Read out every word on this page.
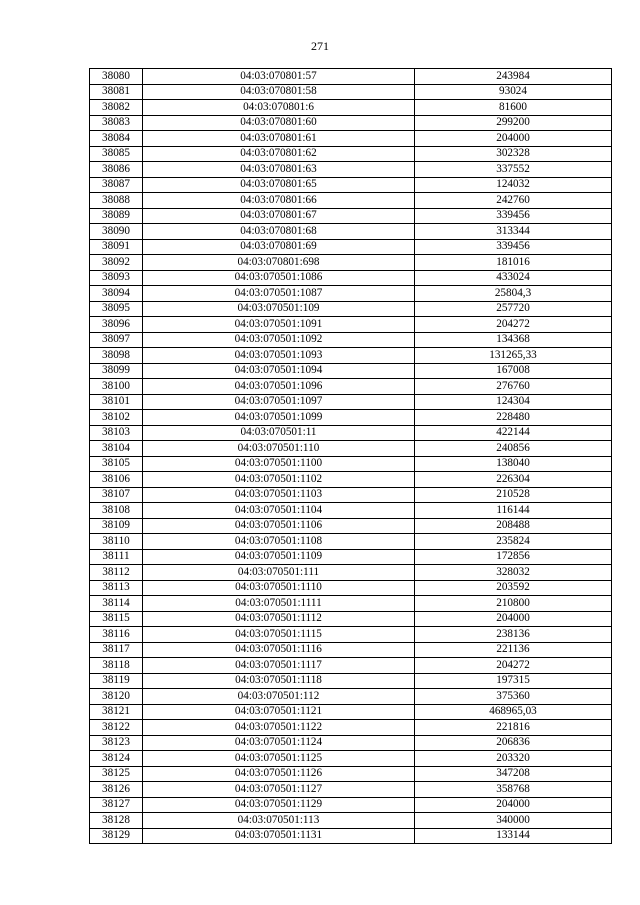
271
38080	04:03:070801:57	243984
38081	04:03:070801:58	93024
38082	04:03:070801:6	81600
38083	04:03:070801:60	299200
38084	04:03:070801:61	204000
38085	04:03:070801:62	302328
38086	04:03:070801:63	337552
38087	04:03:070801:65	124032
38088	04:03:070801:66	242760
38089	04:03:070801:67	339456
38090	04:03:070801:68	313344
38091	04:03:070801:69	339456
38092	04:03:070801:698	181016
38093	04:03:070501:1086	433024
38094	04:03:070501:1087	25804,3
38095	04:03:070501:109	257720
38096	04:03:070501:1091	204272
38097	04:03:070501:1092	134368
38098	04:03:070501:1093	131265,33
38099	04:03:070501:1094	167008
38100	04:03:070501:1096	276760
38101	04:03:070501:1097	124304
38102	04:03:070501:1099	228480
38103	04:03:070501:11	422144
38104	04:03:070501:110	240856
38105	04:03:070501:1100	138040
38106	04:03:070501:1102	226304
38107	04:03:070501:1103	210528
38108	04:03:070501:1104	116144
38109	04:03:070501:1106	208488
38110	04:03:070501:1108	235824
38111	04:03:070501:1109	172856
38112	04:03:070501:111	328032
38113	04:03:070501:1110	203592
38114	04:03:070501:1111	210800
38115	04:03:070501:1112	204000
38116	04:03:070501:1115	238136
38117	04:03:070501:1116	221136
38118	04:03:070501:1117	204272
38119	04:03:070501:1118	197315
38120	04:03:070501:112	375360
38121	04:03:070501:1121	468965,03
38122	04:03:070501:1122	221816
38123	04:03:070501:1124	206836
38124	04:03:070501:1125	203320
38125	04:03:070501:1126	347208
38126	04:03:070501:1127	358768
38127	04:03:070501:1129	204000
38128	04:03:070501:113	340000
38129	04:03:070501:1131	133144
